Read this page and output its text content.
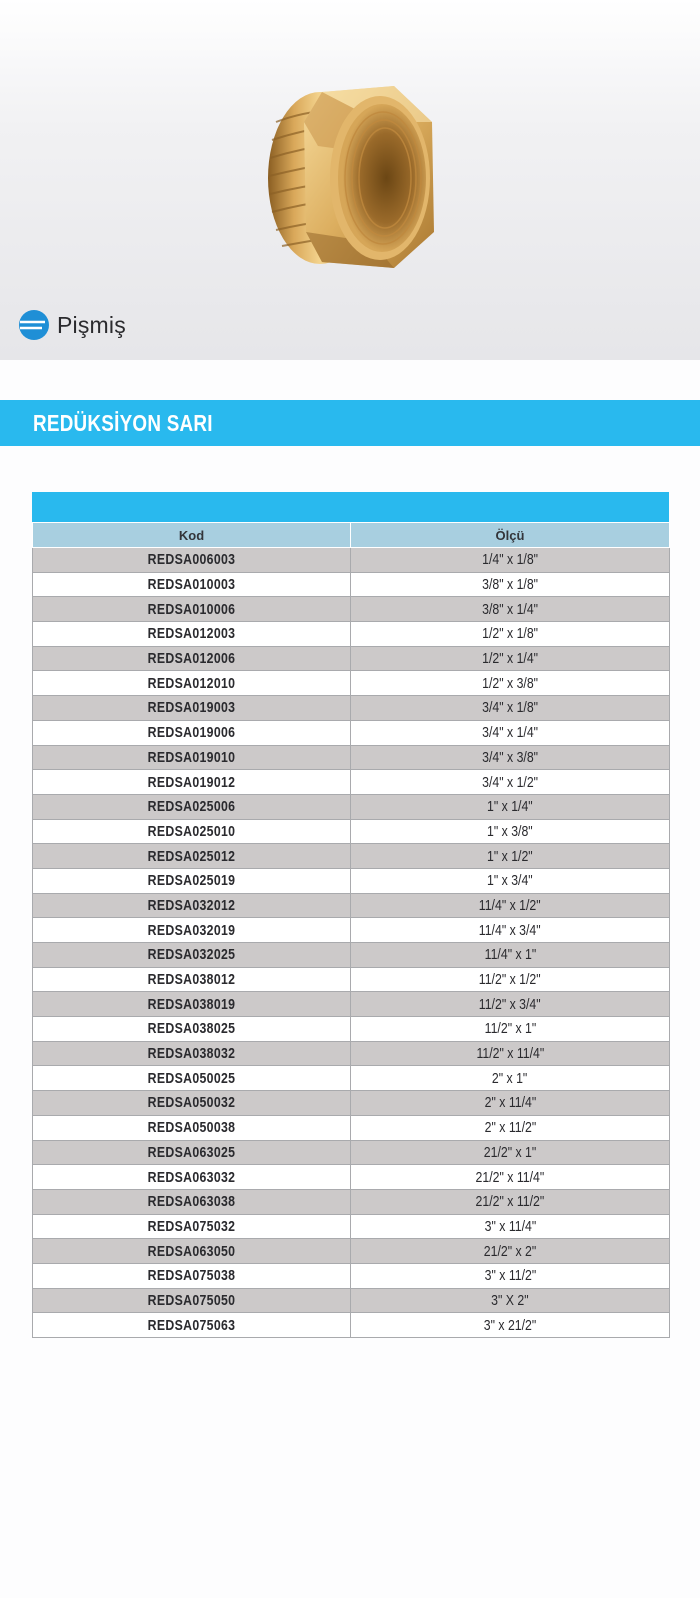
Pişmiş
REDÜKSİYON SARI
Kod	Ölçü
REDSA006003	1/4" x 1/8"
REDSA010003	3/8" x 1/8"
REDSA010006	3/8" x 1/4"
REDSA012003	1/2" x 1/8"
REDSA012006	1/2" x 1/4"
REDSA012010	1/2" x 3/8"
REDSA019003	3/4" x 1/8"
REDSA019006	3/4" x 1/4"
REDSA019010	3/4" x 3/8"
REDSA019012	3/4" x 1/2"
REDSA025006	1" x 1/4"
REDSA025010	1" x 3/8"
REDSA025012	1" x 1/2"
REDSA025019	1" x 3/4"
REDSA032012	11/4" x 1/2"
REDSA032019	11/4" x 3/4"
REDSA032025	11/4" x 1"
REDSA038012	11/2" x 1/2"
REDSA038019	11/2" x 3/4"
REDSA038025	11/2" x 1"
REDSA038032	11/2" x 11/4"
REDSA050025	2" x 1"
REDSA050032	2" x 11/4"
REDSA050038	2" x 11/2"
REDSA063025	21/2" x 1"
REDSA063032	21/2" x 11/4"
REDSA063038	21/2" x 11/2"
REDSA075032	3" x 11/4"
REDSA063050	21/2" x 2"
REDSA075038	3" x 11/2"
REDSA075050	3" X 2"
REDSA075063	3" x 21/2"
